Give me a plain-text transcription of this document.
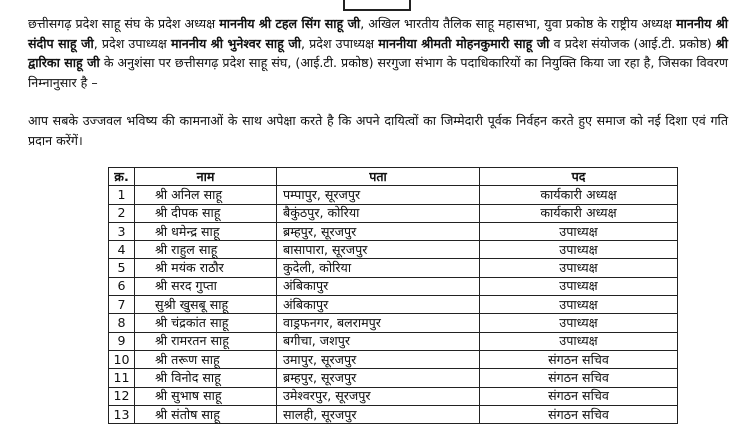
छत्तीसगढ़ प्रदेश साहू संघ के प्रदेश अध्यक्ष माननीय श्री टहल सिंग साहू जी, अखिल भारतीय तैलिक साहू महासभा, युवा प्रकोष्ठ के राष्ट्रीय अध्यक्ष माननीय श्री संदीप साहू जी, प्रदेश उपाध्यक्ष माननीय श्री भुनेश्वर साहू जी, प्रदेश उपाध्यक्ष माननीया श्रीमती मोहनकुमारी साहू जी व प्रदेश संयोजक (आई.टी. प्रकोष्ठ) श्री द्वारिका साहू जी के अनुशंसा पर छत्तीसगढ़ प्रदेश साहू संघ, (आई.टी. प्रकोष्ठ) सरगुजा संभाग के पदाधिकारियों का नियुक्ति किया जा रहा है, जिसका विवरण निम्नानुसार है –

आप सबके उज्जवल भविष्य की कामनाओं के साथ अपेक्षा करते है कि अपने दायित्वों का जिम्मेदारी पूर्वक निर्वहन करते हुए समाज को नई दिशा एवं गति प्रदान करेंगें।

क्र.	नाम	पता	पद
1	श्री अनिल साहू	पम्पापुर, सूरजपुर	कार्यकारी अध्यक्ष
2	श्री दीपक साहू	बैकुंठपुर, कोरिया	कार्यकारी अध्यक्ष
3	श्री धमेन्द्र साहू	ब्रम्हपुर, सूरजपुर	उपाध्यक्ष
4	श्री राहुल साहू	बासापारा, सूरजपुर	उपाध्यक्ष
5	श्री मयंक राठौर	कुदेली, कोरिया	उपाध्यक्ष
6	श्री सरद गुप्ता	अंबिकापुर	उपाध्यक्ष
7	सुश्री खुसबू साहू	अंबिकापुर	उपाध्यक्ष
8	श्री चंद्रकांत साहू	वाड्रफनगर, बलरामपुर	उपाध्यक्ष
9	श्री रामरतन साहू	बगीचा, जशपुर	उपाध्यक्ष
10	श्री तरूण साहू	उमापुर, सूरजपुर	संगठन सचिव
11	श्री विनोद साहू	ब्रम्हपुर, सूरजपुर	संगठन सचिव
12	श्री सुभाष साहू	उमेश्वरपुर, सूरजपुर	संगठन सचिव
13	श्री संतोष साहू	सालही, सूरजपुर	संगठन सचिव
